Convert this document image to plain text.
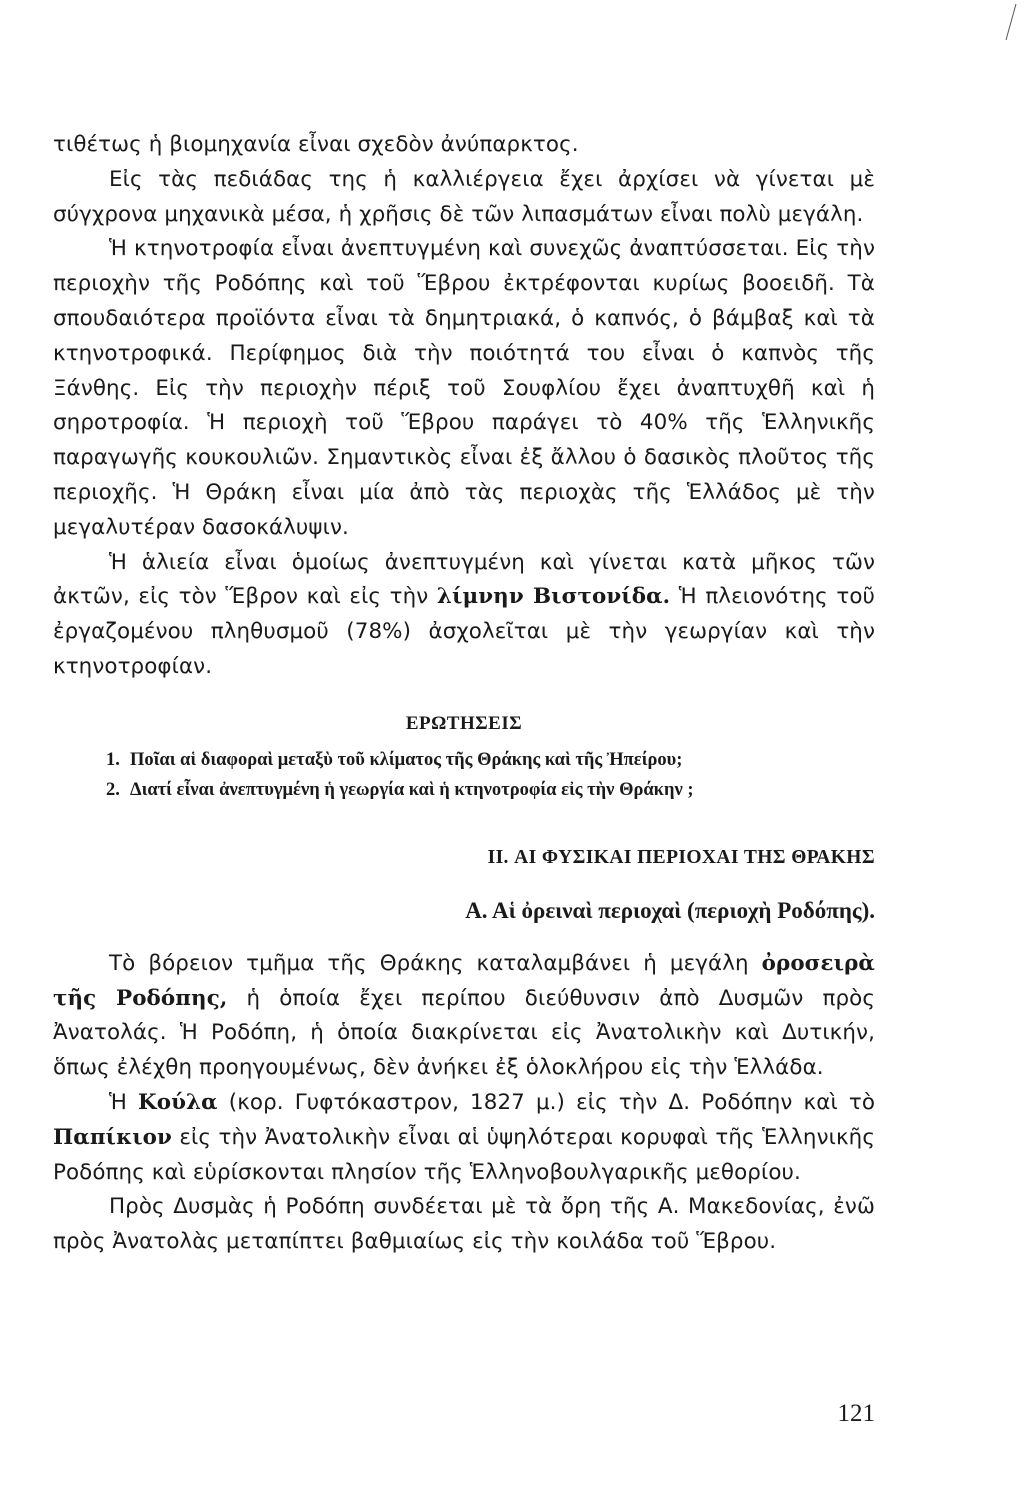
τιθέτως ἡ βιομηχανία εἶναι σχεδὸν ἀνύπαρκτος.

Εἰς τὰς πεδιάδας της ἡ καλλιέργεια ἔχει ἀρχίσει νὰ γίνεται μὲ σύγχρονα μηχανικὰ μέσα, ἡ χρῆσις δὲ τῶν λιπασμάτων εἶναι πολὺ μεγάλη.

Ἡ κτηνοτροφία εἶναι ἀνεπτυγμένη καὶ συνεχῶς ἀναπτύσσεται. Εἰς τὴν περιοχὴν τῆς Ροδόπης καὶ τοῦ Ἕβρου ἐκτρέφονται κυρίως βοοειδῆ. Τὰ σπουδαιότερα προϊόντα εἶναι τὰ δημητριακά, ὁ καπνός, ὁ βάμβαξ καὶ τὰ κτηνοτροφικά. Περίφημος διὰ τὴν ποιότητά του εἶναι ὁ καπνὸς τῆς Ξάνθης. Εἰς τὴν περιοχὴν πέριξ τοῦ Σουφλίου ἔχει ἀναπτυχθῆ καὶ ἡ σηροτροφία. Ἡ περιοχὴ τοῦ Ἕβρου παράγει τὸ 40% τῆς Ἑλληνικῆς παραγωγῆς κουκουλιῶν. Σημαντικὸς εἶναι ἐξ ἄλλου ὁ δασικὸς πλοῦτος τῆς περιοχῆς. Ἡ Θράκη εἶναι μία ἀπὸ τὰς περιοχὰς τῆς Ἑλλάδος μὲ τὴν μεγαλυτέραν δασοκάλυψιν.

Ἡ ἁλιεία εἶναι ὁμοίως ἀνεπτυγμένη καὶ γίνεται κατὰ μῆκος τῶν ἀκτῶν, εἰς τὸν Ἕβρον καὶ εἰς τὴν λίμνην Βιστονίδα. Ἡ πλειονότης τοῦ ἐργαζομένου πληθυσμοῦ (78%) ἀσχολεῖται μὲ τὴν γεωργίαν καὶ τὴν κτηνοτροφίαν.

ΕΡΩΤΗΣΕΙΣ

1. Ποῖαι αἱ διαφοραὶ μεταξὺ τοῦ κλίματος τῆς Θράκης καὶ τῆς Ἠπείρου;

2. Διατί εἶναι ἀνεπτυγμένη ἡ γεωργία καὶ ἡ κτηνοτροφία εἰς τὴν Θράκην ;

II. ΑΙ ΦΥΣΙΚΑΙ ΠΕΡΙΟΧΑΙ ΤΗΣ ΘΡΑΚΗΣ
Α. Αἱ ὀρειναὶ περιοχαὶ (περιοχὴ Ροδόπης).

Τὸ βόρειον τμῆμα τῆς Θράκης καταλαμβάνει ἡ μεγάλη ὀροσειρὰ τῆς Ροδόπης, ἡ ὁποία ἔχει περίπου διεύθυνσιν ἀπὸ Δυσμῶν πρὸς Ἀνατολάς. Ἡ Ροδόπη, ἡ ὁποία διακρίνεται εἰς Ἀνατολικὴν καὶ Δυτικήν, ὅπως ἐλέχθη προηγουμένως, δὲν ἀνήκει ἐξ ὁλοκλήρου εἰς τὴν Ἑλλάδα.

Ἡ Κούλα (κορ. Γυφτόκαστρον, 1827 μ.) εἰς τὴν Δ. Ροδόπην καὶ τὸ Παπίκιον εἰς τὴν Ἀνατολικὴν εἶναι αἱ ὑψηλότεραι κορυφαὶ τῆς Ἑλληνικῆς Ροδόπης καὶ εὑρίσκονται πλησίον τῆς Ἑλληνοβουλγαρικῆς μεθορίου.

Πρὸς Δυσμὰς ἡ Ροδόπη συνδέεται μὲ τὰ ὄρη τῆς Α. Μακεδονίας, ἐνῶ πρὸς Ἀνατολὰς μεταπίπτει βαθμιαίως εἰς τὴν κοιλάδα τοῦ Ἕβρου.

121
